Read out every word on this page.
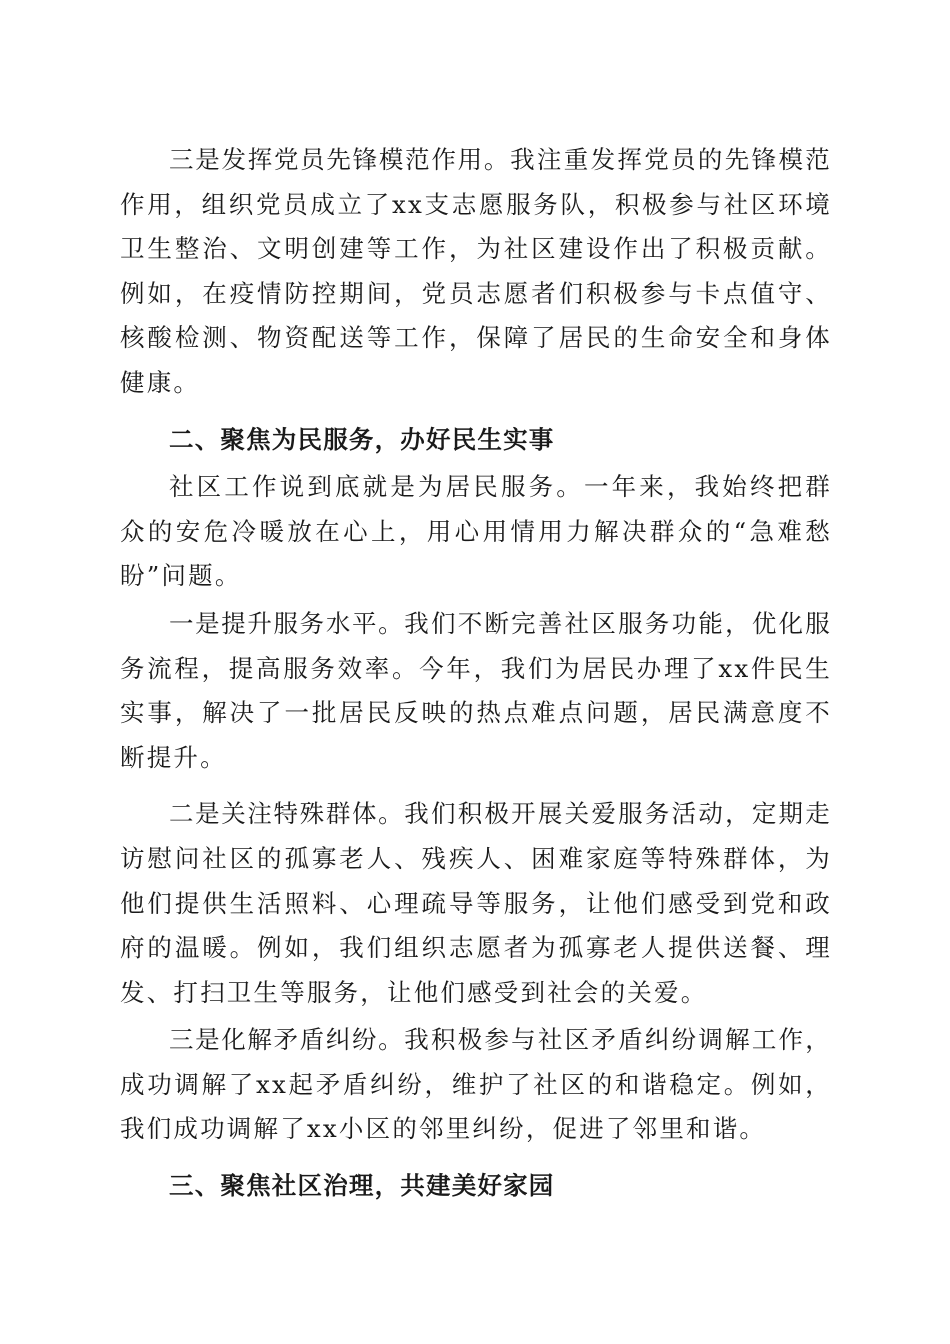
三是发挥党员先锋模范作用。我注重发挥党员的先锋模范作用，组织党员成立了xx支志愿服务队，积极参与社区环境卫生整治、文明创建等工作，为社区建设作出了积极贡献。例如，在疫情防控期间，党员志愿者们积极参与卡点值守、核酸检测、物资配送等工作，保障了居民的生命安全和身体健康。

二、聚焦为民服务，办好民生实事

社区工作说到底就是为居民服务。一年来，我始终把群众的安危冷暖放在心上，用心用情用力解决群众的“急难愁盼”问题。

一是提升服务水平。我们不断完善社区服务功能，优化服务流程，提高服务效率。今年，我们为居民办理了xx件民生实事，解决了一批居民反映的热点难点问题，居民满意度不断提升。

二是关注特殊群体。我们积极开展关爱服务活动，定期走访慰问社区的孤寡老人、残疾人、困难家庭等特殊群体，为他们提供生活照料、心理疏导等服务，让他们感受到党和政府的温暖。例如，我们组织志愿者为孤寡老人提供送餐、理发、打扫卫生等服务，让他们感受到社会的关爱。

三是化解矛盾纠纷。我积极参与社区矛盾纠纷调解工作，成功调解了xx起矛盾纠纷，维护了社区的和谐稳定。例如，我们成功调解了xx小区的邻里纠纷，促进了邻里和谐。

三、聚焦社区治理，共建美好家园
